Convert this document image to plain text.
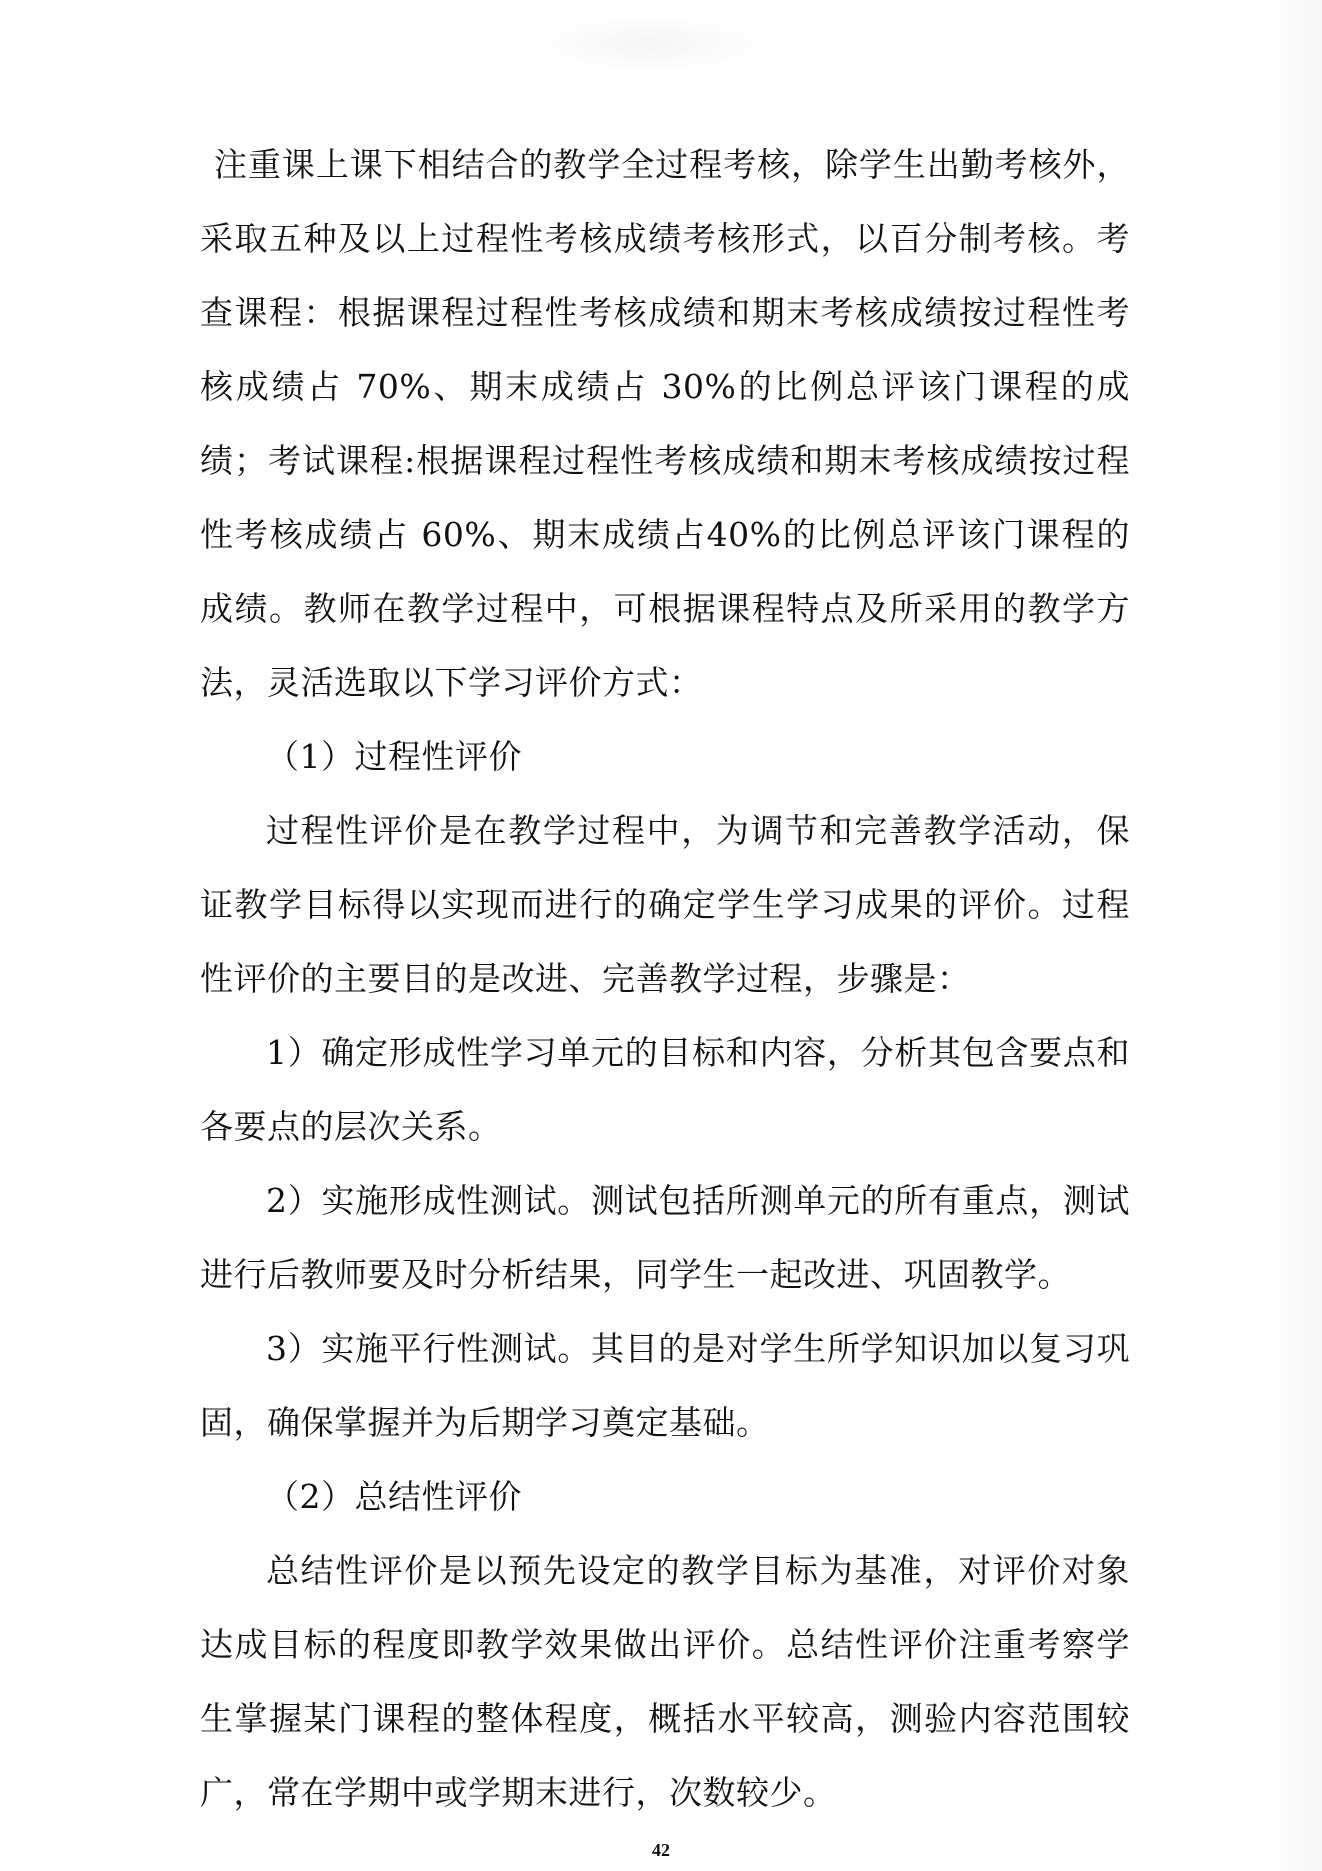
注重课上课下相结合的教学全过程考核，除学生出勤考核外，采取五种及以上过程性考核成绩考核形式，以百分制考核。考查课程：根据课程过程性考核成绩和期末考核成绩按过程性考核成绩占 70%、期末成绩占 30%的比例总评该门课程的成绩；考试课程:根据课程过程性考核成绩和期末考核成绩按过程性考核成绩占 60%、期末成绩占40%的比例总评该门课程的成绩。教师在教学过程中，可根据课程特点及所采用的教学方法，灵活选取以下学习评价方式：

（1）过程性评价

过程性评价是在教学过程中，为调节和完善教学活动，保证教学目标得以实现而进行的确定学生学习成果的评价。过程性评价的主要目的是改进、完善教学过程，步骤是：

1）确定形成性学习单元的目标和内容，分析其包含要点和各要点的层次关系。

2）实施形成性测试。测试包括所测单元的所有重点，测试进行后教师要及时分析结果，同学生一起改进、巩固教学。

3）实施平行性测试。其目的是对学生所学知识加以复习巩固，确保掌握并为后期学习奠定基础。

（2）总结性评价

总结性评价是以预先设定的教学目标为基准，对评价对象达成目标的程度即教学效果做出评价。总结性评价注重考察学生掌握某门课程的整体程度，概括水平较高，测验内容范围较广，常在学期中或学期末进行，次数较少。

42
